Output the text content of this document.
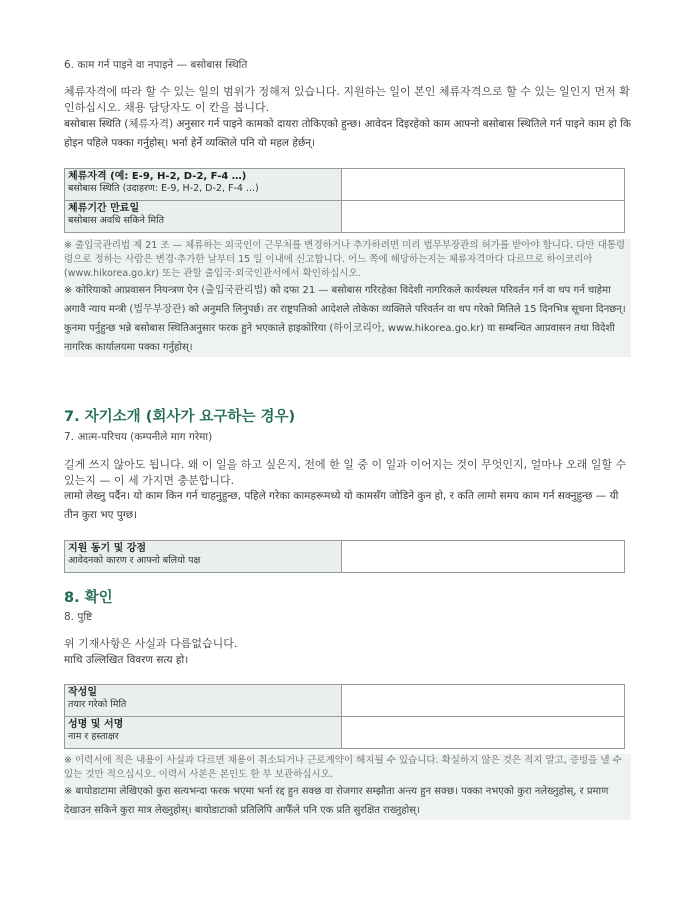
6. काम गर्न पाइने वा नपाइने — बसोबास स्थिति

체류자격에 따라 할 수 있는 일의 범위가 정해져 있습니다. 지원하는 일이 본인 체류자격으로 할 수 있는 일인지 먼저 확인하십시오. 채용 담당자도 이 칸을 봅니다.

बसोबास स्थिति (체류자격) अनुसार गर्न पाइने कामको दायरा तोकिएको हुन्छ। आवेदन दिइरहेको काम आफ्नो बसोबास स्थितिले गर्न पाइने काम हो कि होइन पहिले पक्का गर्नुहोस्। भर्ना हेर्ने व्यक्तिले पनि यो महल हेर्छन्।

체류자격 (예: E-9, H-2, D-2, F-4 …)
बसोबास स्थिति (उदाहरण: E-9, H-2, D-2, F-4 ...)	

체류기간 만료일
बसोबास अवधि सकिने मिति	

※ 출입국관리법 제 21 조 — 체류하는 외국인이 근무처를 변경하거나 추가하려면 미리 법무부장관의 허가를 받아야 합니다. 다만 대통령령으로 정하는 사람은 변경·추가한 날부터 15 일 이내에 신고합니다. 어느 쪽에 해당하는지는 체류자격마다 다르므로 하이코리아(www.hikorea.go.kr) 또는 관할 출입국·외국인관서에서 확인하십시오.

※ कोरियाको आप्रवासन नियन्त्रण ऐन (출입국관리법) को दफा 21 — बसोबास गरिरहेका विदेशी नागरिकले कार्यस्थल परिवर्तन गर्न वा थप गर्न चाहेमा अगावै न्याय मन्त्री (법무부장관) को अनुमति लिनुपर्छ। तर राष्ट्रपतिको आदेशले तोकेका व्यक्तिले परिवर्तन वा थप गरेको मितिले 15 दिनभित्र सूचना दिनछन्। कुनमा पर्नुहुन्छ भन्ने बसोबास स्थितिअनुसार फरक हुने भएकाले हाइकोरिया (하이코리아, www.hikorea.go.kr) वा सम्बन्धित आप्रवासन तथा विदेशी नागरिक कार्यालयमा पक्का गर्नुहोस्।

7. 자기소개 (회사가 요구하는 경우)

7. आत्म-परिचय (कम्पनीले माग गरेमा)

길게 쓰지 않아도 됩니다. 왜 이 일을 하고 싶은지, 전에 한 일 중 이 일과 이어지는 것이 무엇인지, 얼마나 오래 일할 수 있는지 — 이 세 가지면 충분합니다.

लामो लेख्नु पर्दैन। यो काम किन गर्न चाहनुहुन्छ, पहिले गरेका कामहरूमध्ये यो कामसँग जोडिने कुन हो, र कति लामो समय काम गर्न सक्नुहुन्छ — यी तीन कुरा भए पुग्छ।

지원 동기 및 강점
आवेदनको कारण र आफ्नो बलियो पक्ष

8. 확인

8. पुष्टि

위 기재사항은 사실과 다름없습니다.

माथि उल्लिखित विवरण सत्य हो।

작성일
तयार गरेको मिति	

성명 및 서명
नाम र हस्ताक्षर	

※ 이력서에 적은 내용이 사실과 다르면 채용이 취소되거나 근로계약이 해지될 수 있습니다. 확실하지 않은 것은 적지 말고, 증빙을 낼 수 있는 것만 적으십시오. 이력서 사본은 본인도 한 부 보관하십시오.

※ बायोडाटामा लेखिएको कुरा सत्यभन्दा फरक भएमा भर्ना रद्द हुन सक्छ वा रोजगार सम्झौता अन्त्य हुन सक्छ। पक्का नभएको कुरा नलेख्नुहोस्, र प्रमाण देखाउन सकिने कुरा मात्र लेख्नुहोस्। बायोडाटाको प्रतिलिपि आफैँले पनि एक प्रति सुरक्षित राख्नुहोस्।
